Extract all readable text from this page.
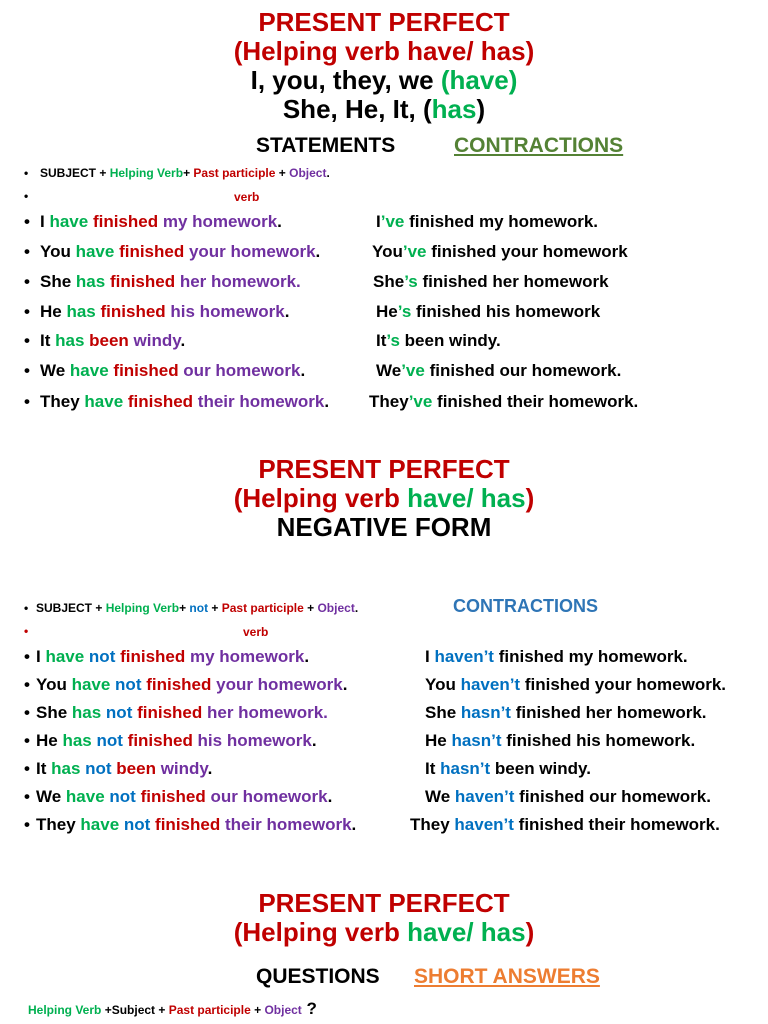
PRESENT PERFECT
(Helping verb have/ has)
I, you, they, we (have)
She, He, It, (has)
STATEMENTS	CONTRACTIONS
• SUBJECT + Helping Verb+ Past participle + Object.
•	verb
• I have finished my homework.	I’ve finished my homework.
• You have finished your homework.	You’ve finished your homework
• She has finished her homework.	She’s finished her homework
• He has finished his homework.	He’s finished his homework
• It has been windy.	It’s been windy.
• We have finished our homework.	We’ve finished our homework.
• They have finished their homework. They’ve finished their homework.
PRESENT PERFECT
(Helping verb have/ has)
NEGATIVE FORM
• SUBJECT + Helping Verb+ not + Past participle + Object.	CONTRACTIONS
•	verb
• I have not finished my homework.	I haven’t finished my homework.
• You have not finished your homework.	You haven’t finished your homework.
• She has not finished her homework.	She hasn’t finished her homework.
• He has not finished his homework.	He hasn’t finished his homework.
• It has not been windy.	It hasn’t been windy.
• We have not finished our homework.	We haven’t finished our homework.
• They have not finished their homework.	They haven’t finished their homework.
PRESENT PERFECT
(Helping verb have/ has)
QUESTIONS SHORT ANSWERS
Helping Verb +Subject + Past participle + Object ?
